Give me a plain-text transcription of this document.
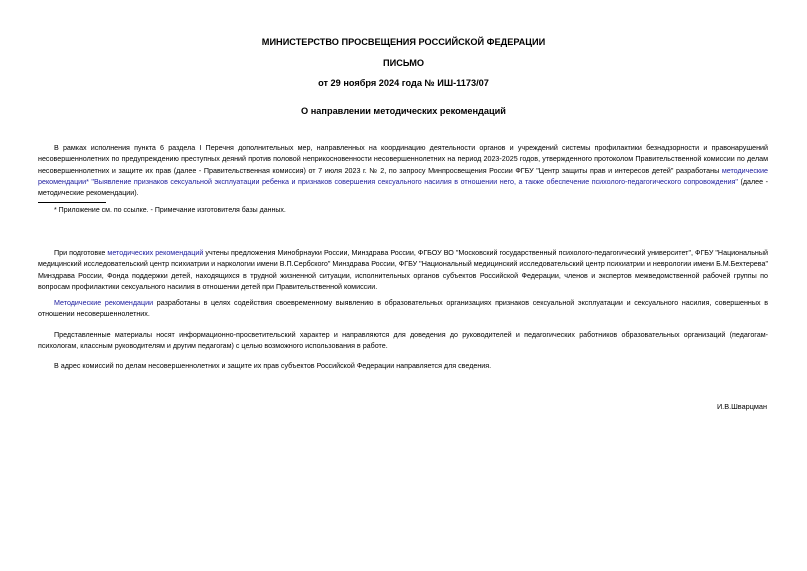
МИНИСТЕРСТВО ПРОСВЕЩЕНИЯ РОССИЙСКОЙ ФЕДЕРАЦИИ
ПИСЬМО
от 29 ноября 2024 года № ИШ-1173/07
О направлении методических рекомендаций
В рамках исполнения пункта 6 раздела I Перечня дополнительных мер, направленных на координацию деятельности органов и учреждений системы профилактики безнадзорности и правонарушений несовершеннолетних по предупреждению преступных деяний против половой неприкосновенности несовершеннолетних на период 2023-2025 годов, утвержденного протоколом Правительственной комиссии по делам несовершеннолетних и защите их прав (далее - Правительственная комиссия) от 7 июля 2023 г. № 2, по запросу Минпросвещения России ФГБУ "Центр защиты прав и интересов детей" разработаны методические рекомендации* "Выявление признаков сексуальной эксплуатации ребенка и признаков совершения сексуального насилия в отношении него, а также обеспечение психолого-педагогического сопровождения" (далее - методические рекомендации).
* Приложение см. по ссылке. - Примечание изготовителя базы данных.
При подготовке методических рекомендаций учтены предложения Минобрнауки России, Минздрава России, ФГБОУ ВО "Московский государственный психолого-педагогический университет", ФГБУ "Национальный медицинский исследовательский центр психиатрии и наркологии имени В.П.Сербского" Минздрава России, ФГБУ "Национальный медицинский исследовательский центр психиатрии и неврологии имени Б.М.Бехтерева" Минздрава России, Фонда поддержки детей, находящихся в трудной жизненной ситуации, исполнительных органов субъектов Российской Федерации, членов и экспертов межведомственной рабочей группы по вопросам профилактики сексуального насилия в отношении детей при Правительственной комиссии.
Методические рекомендации разработаны в целях содействия своевременному выявлению в образовательных организациях признаков сексуальной эксплуатации и сексуального насилия, совершенных в отношении несовершеннолетних.
Представленные материалы носят информационно-просветительский характер и направляются для доведения до руководителей и педагогических работников образовательных организаций (педагогам-психологам, классным руководителям и другим педагогам) с целью возможного использования в работе.
В адрес комиссий по делам несовершеннолетних и защите их прав субъектов Российской Федерации направляется для сведения.
И.В.Шварцман
